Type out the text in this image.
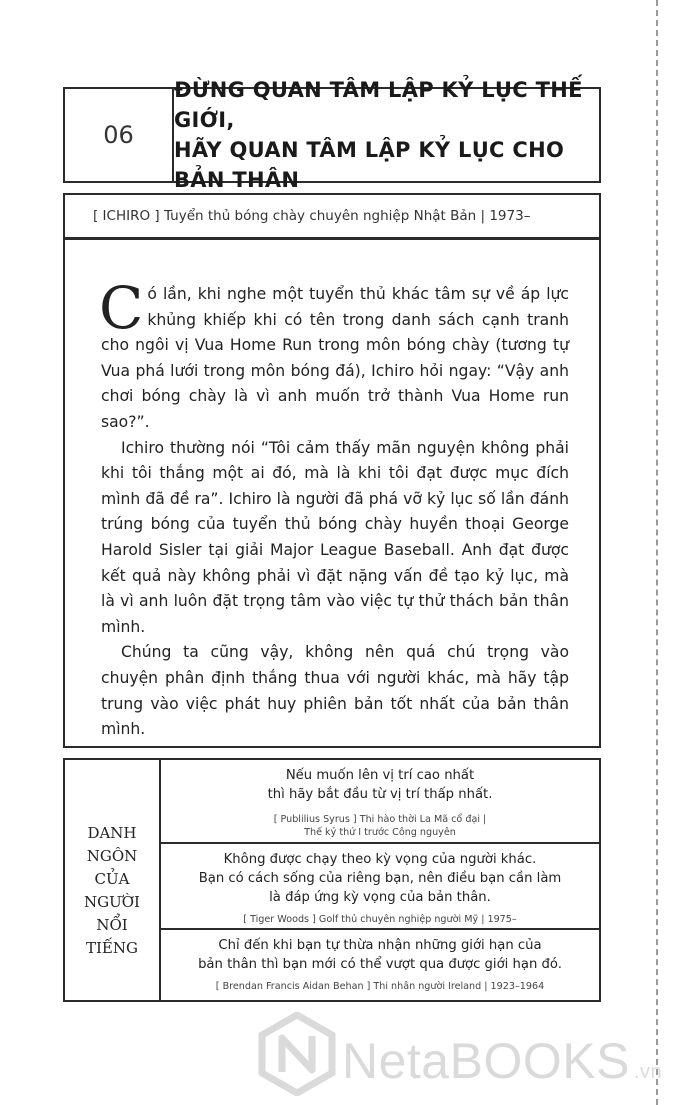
06
ĐỪNG QUAN TÂM LẬP KỶ LỤC THẾ GIỚI,
HÃY QUAN TÂM LẬP KỶ LỤC CHO BẢN THÂN
[ ICHIRO ] Tuyển thủ bóng chày chuyên nghiệp Nhật Bản | 1973–

Có lần, khi nghe một tuyển thủ khác tâm sự về áp lực khủng khiếp khi có tên trong danh sách cạnh tranh cho ngôi vị Vua Home Run trong môn bóng chày (tương tự Vua phá lưới trong môn bóng đá), Ichiro hỏi ngay: “Vậy anh chơi bóng chày là vì anh muốn trở thành Vua Home run sao?”.

Ichiro thường nói “Tôi cảm thấy mãn nguyện không phải khi tôi thắng một ai đó, mà là khi tôi đạt được mục đích mình đã đề ra”. Ichiro là người đã phá vỡ kỷ lục số lần đánh trúng bóng của tuyển thủ bóng chày huyền thoại George Harold Sisler tại giải Major League Baseball. Anh đạt được kết quả này không phải vì đặt nặng vấn đề tạo kỷ lục, mà là vì anh luôn đặt trọng tâm vào việc tự thử thách bản thân mình.

Chúng ta cũng vậy, không nên quá chú trọng vào chuyện phân định thắng thua với người khác, mà hãy tập trung vào việc phát huy phiên bản tốt nhất của bản thân mình.

DANH
NGÔN
CỦA
NGƯỜI
NỔI
TIẾNG
Nếu muốn lên vị trí cao nhất
thì hãy bắt đầu từ vị trí thấp nhất.
[ Publilius Syrus ] Thi hào thời La Mã cổ đại |
Thế kỷ thứ I trước Công nguyên
Không được chạy theo kỳ vọng của người khác.
Bạn có cách sống của riêng bạn, nên điều bạn cần làm
là đáp ứng kỳ vọng của bản thân.
[ Tiger Woods ] Golf thủ chuyên nghiệp người Mỹ | 1975–
Chỉ đến khi bạn tự thừa nhận những giới hạn của
bản thân thì bạn mới có thể vượt qua được giới hạn đó.
[ Brendan Francis Aidan Behan ] Thi nhân người Ireland | 1923–1964
NetaBOOKS .vn
